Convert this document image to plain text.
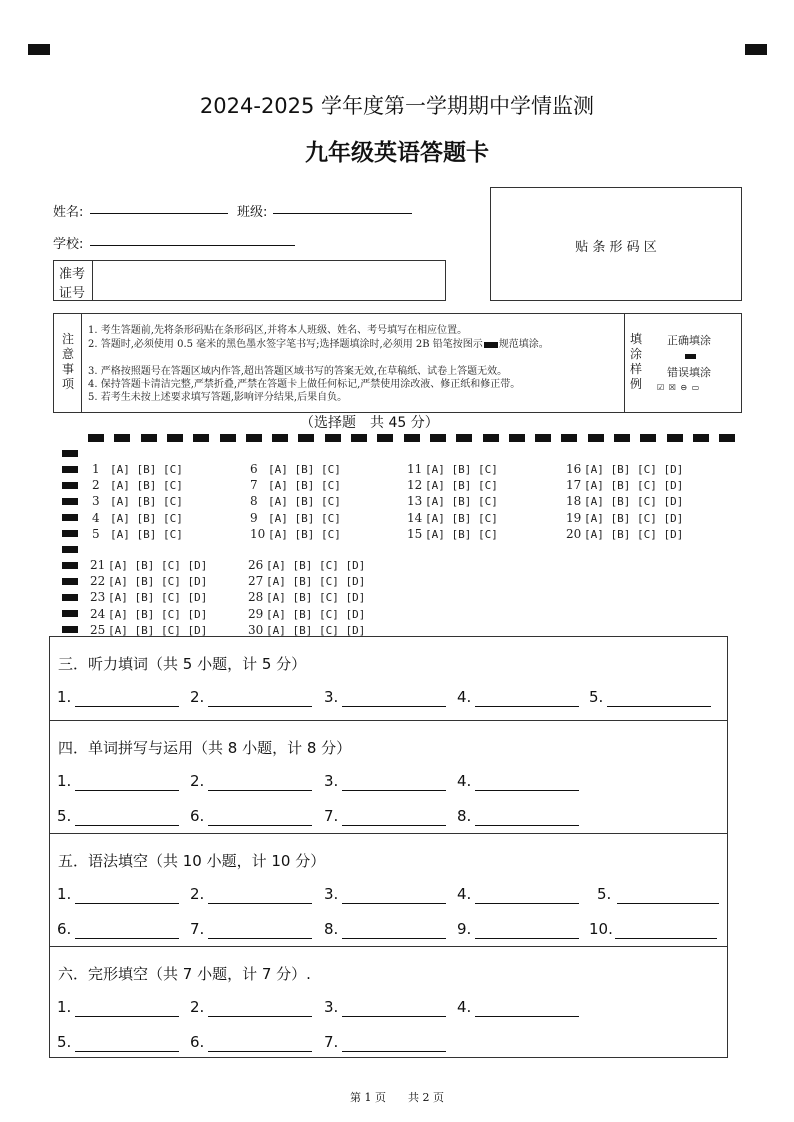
2024-2025 学年度第一学期期中学情监测
九年级英语答题卡
姓名:	班级:
学校:
准考
证号
贴 条 形 码 区
注
意
事
项
1. 考生答题前,先将条形码贴在条形码区,并将本人班级、姓名、考号填写在相应位置。
2. 答题时,必须使用 0.5 毫米的黑色墨水签字笔书写;选择题填涂时,必须用 2B 铅笔按图示 规范填涂。
3. 严格按照题号在答题区域内作答,超出答题区域书写的答案无效,在草稿纸、试卷上答题无效。
4. 保持答题卡清洁完整,严禁折叠,严禁在答题卡上做任何标记,严禁使用涂改液、修正纸和修正带。
5. 若考生未按上述要求填写答题,影响评分结果,后果自负。
填
涂
样
例
正确填涂
错误填涂
☑ ☒ ⊖ ▭
（选择题　共 45 分）
1 [A] [B] [C]
2 [A] [B] [C]
3 [A] [B] [C]
4 [A] [B] [C]
5 [A] [B] [C]
6 [A] [B] [C]
7 [A] [B] [C]
8 [A] [B] [C]
9 [A] [B] [C]
10 [A] [B] [C]
11 [A] [B] [C]
12 [A] [B] [C]
13 [A] [B] [C]
14 [A] [B] [C]
15 [A] [B] [C]
16 [A] [B] [C] [D]
17 [A] [B] [C] [D]
18 [A] [B] [C] [D]
19 [A] [B] [C] [D]
20 [A] [B] [C] [D]
21 [A] [B] [C] [D]
22 [A] [B] [C] [D]
23 [A] [B] [C] [D]
24 [A] [B] [C] [D]
25 [A] [B] [C] [D]
26 [A] [B] [C] [D]
27 [A] [B] [C] [D]
28 [A] [B] [C] [D]
29 [A] [B] [C] [D]
30 [A] [B] [C] [D]
三．听力填词（共 5 小题，计 5 分）
1.	2.	3.	4.	5.
四．单词拼写与运用（共 8 小题，计 8 分）
1.	2.	3.	4.
5.	6.	7.	8.
五．语法填空（共 10 小题，计 10 分）
1.	2.	3.	4.	5.
6.	7.	8.	9.	10.
六．完形填空（共 7 小题，计 7 分）.
1.	2.	3.	4.
5.	6.	7.
第 1 页　　共 2 页
